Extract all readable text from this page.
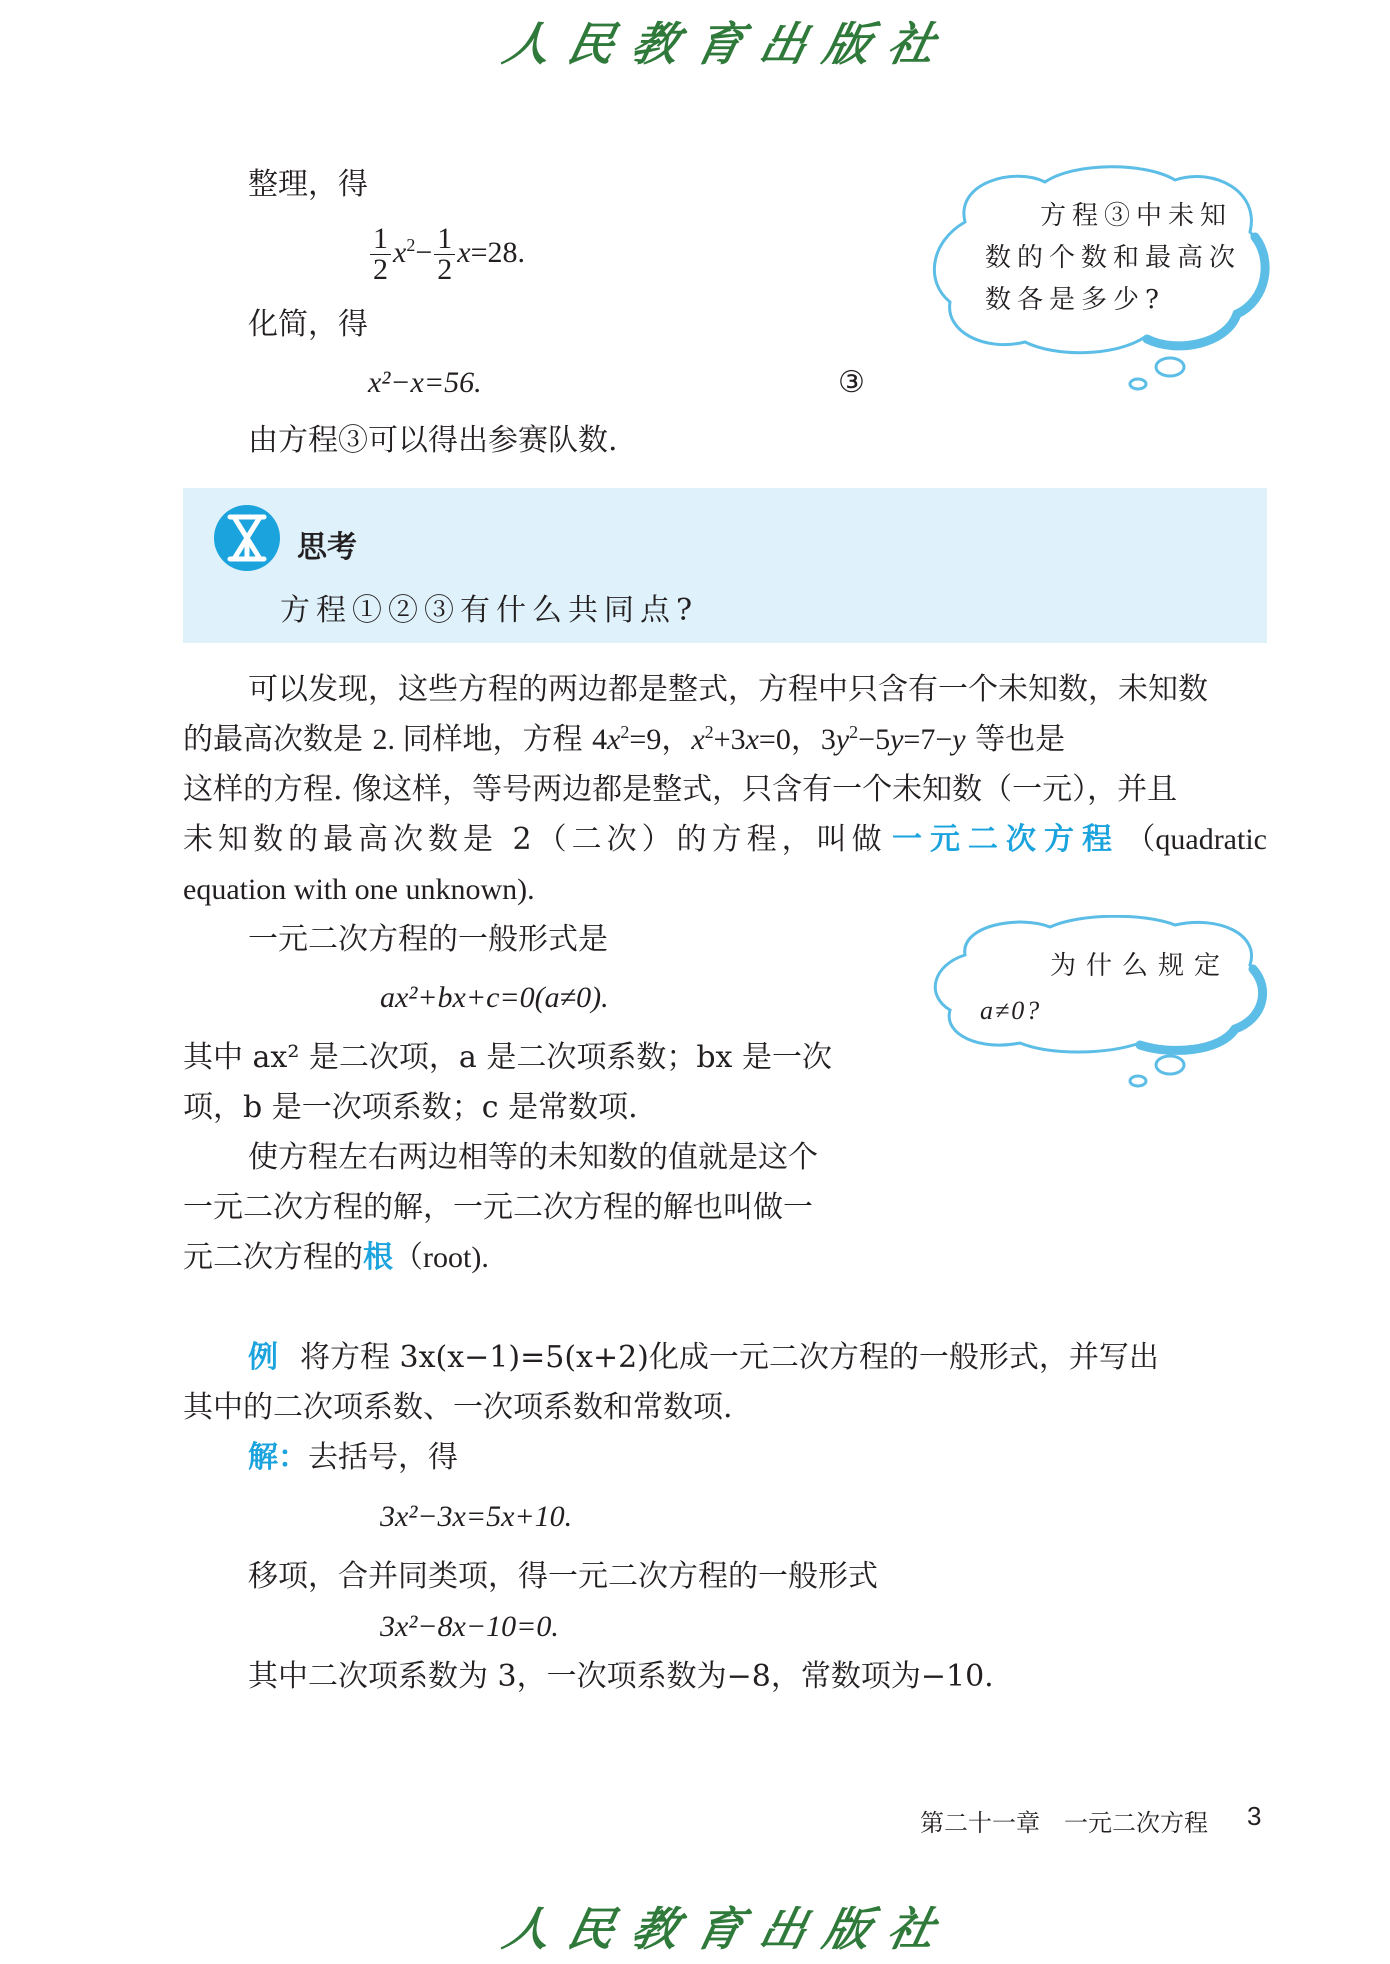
人民教育出版社
整理，得
$\frac{1}{2} x^2- \frac{1}{2} x=28$.
化简，得
x²−x=56.	③
由方程③可以得出参赛队数.
方程③中未知
数的个数和最高次
数各是多少?
思考
方程①②③有什么共同点?
可以发现，这些方程的两边都是整式，方程中只含有一个未知数，未知数
的最高次数是 2. 同样地，方程 $4x^2=9$，$x^2+3x=0$，$3y^2-5y=7-y$ 等也是
这样的方程. 像这样，等号两边都是整式，只含有一个未知数（一元），并且
未知数的最高次数是 2（二次）的方程，叫做 一元二次方程 （quadratic
equation with one unknown).
一元二次方程的一般形式是
ax²+bx+c=0(a≠0).
其中 ax² 是二次项，a 是二次项系数；bx 是一次
项，b 是一次项系数；c 是常数项.
使方程左右两边相等的未知数的值就是这个
一元二次方程的解，一元二次方程的解也叫做一
元二次方程的根（root).
为什么规定
a≠0?
例 将方程 3x(x−1)=5(x+2)化成一元二次方程的一般形式，并写出
其中的二次项系数、一次项系数和常数项.
解：去括号，得
3x²−3x=5x+10.
移项，合并同类项，得一元二次方程的一般形式
3x²−8x−10=0.
其中二次项系数为 3，一次项系数为−8，常数项为−10.
第二十一章　一元二次方程 3
人民教育出版社
